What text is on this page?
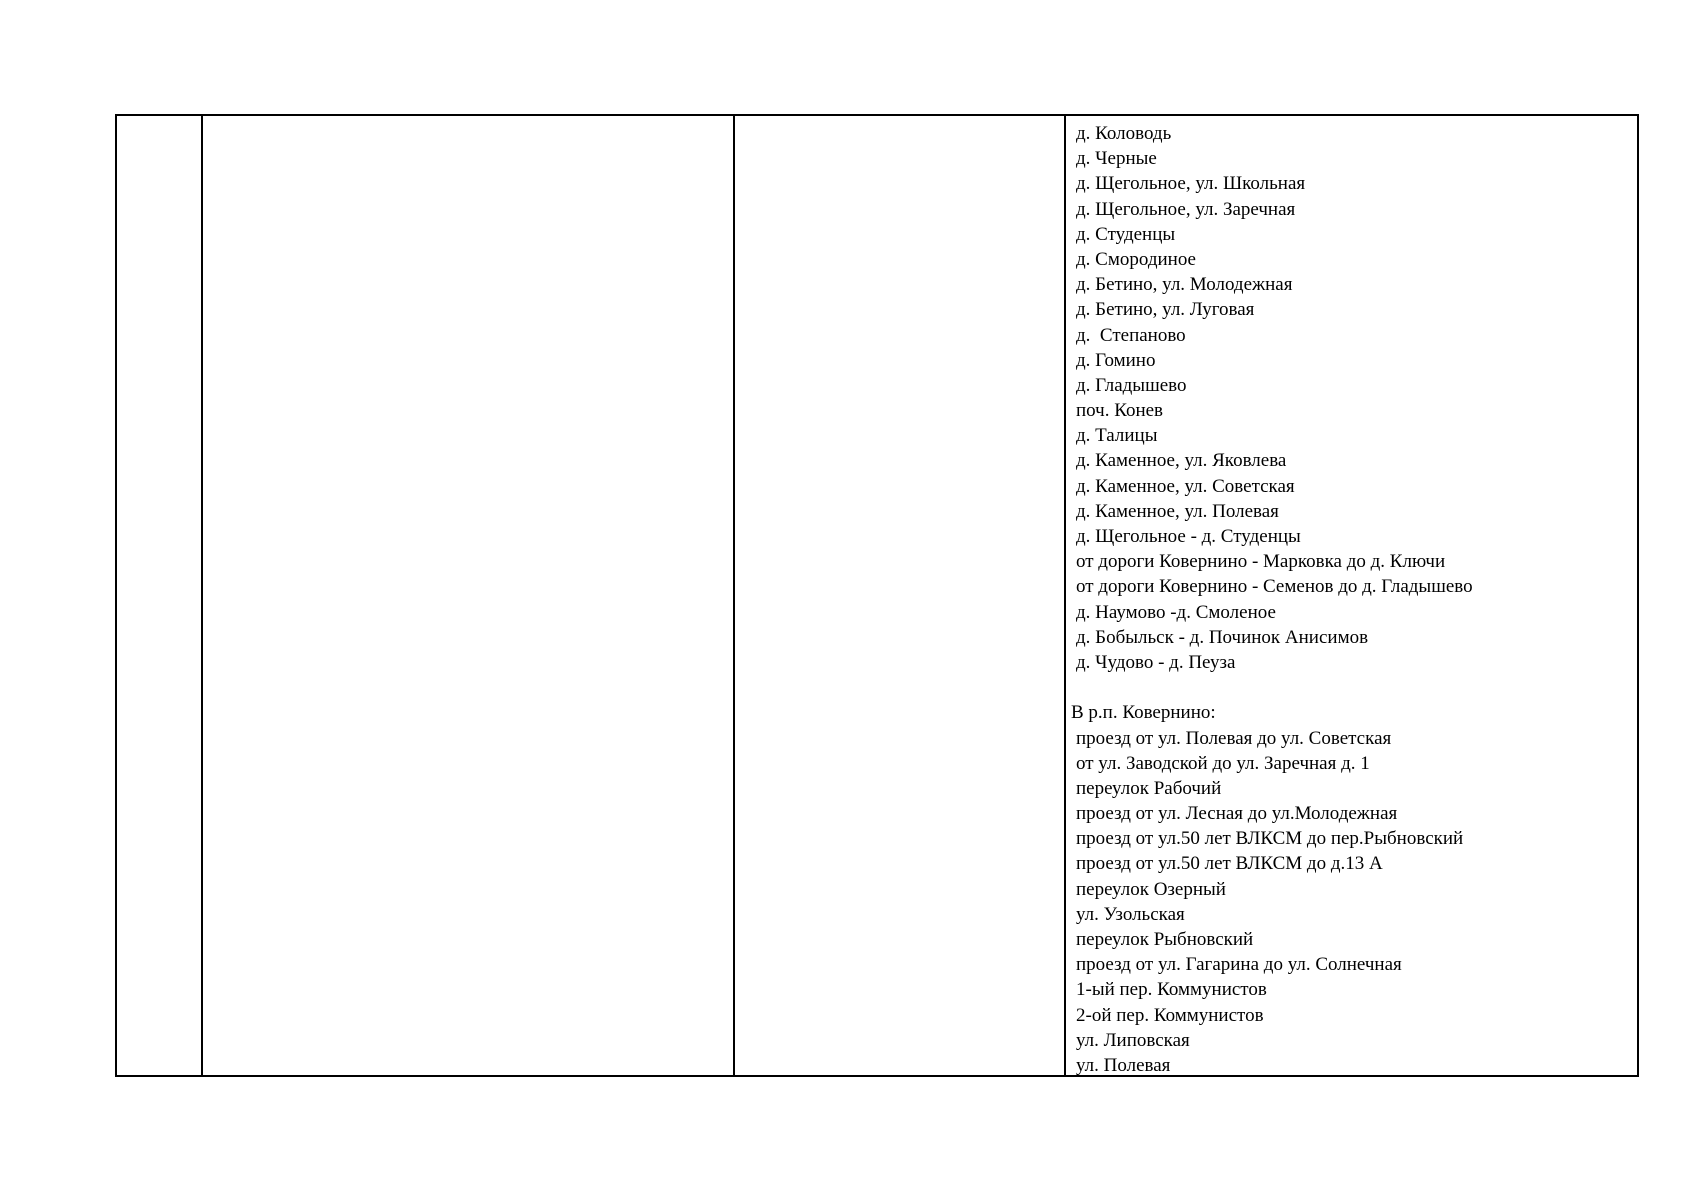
д. Коловодь
д. Черные
д. Щегольное, ул. Школьная
д. Щегольное, ул. Заречная
д. Студенцы
д. Смородиное
д. Бетино, ул. Молодежная
д. Бетино, ул. Луговая
д.  Степаново
д. Гомино
д. Гладышево
поч. Конев
д. Талицы
д. Каменное, ул. Яковлева
д. Каменное, ул. Советская
д. Каменное, ул. Полевая
д. Щегольное - д. Студенцы
от дороги Ковернино - Марковка до д. Ключи
от дороги Ковернино - Семенов до д. Гладышево
д. Наумово -д. Смоленое
д. Бобыльск - д. Починок Анисимов
д. Чудово - д. Пеуза
В р.п. Ковернино:
проезд от ул. Полевая до ул. Советская
от ул. Заводской до ул. Заречная д. 1
переулок Рабочий
проезд от ул. Лесная до ул.Молодежная
проезд от ул.50 лет ВЛКСМ до пер.Рыбновский
проезд от ул.50 лет ВЛКСМ до д.13 А
переулок Озерный
ул. Узольская
переулок Рыбновский
проезд от ул. Гагарина до ул. Солнечная
1-ый пер. Коммунистов
2-ой пер. Коммунистов
ул. Липовская
ул. Полевая
